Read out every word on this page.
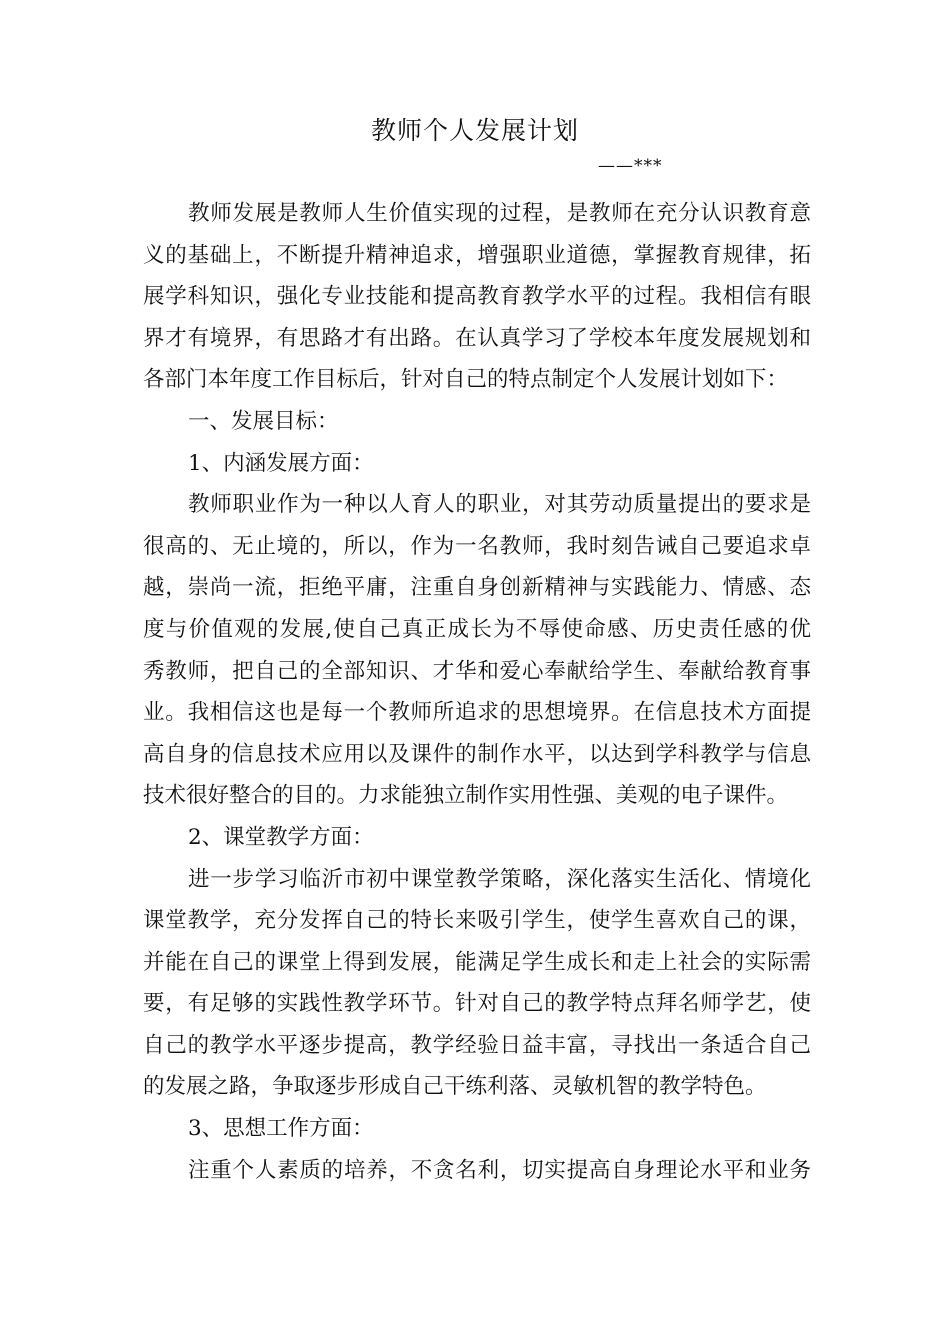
教师个人发展计划

——***

教师发展是教师人生价值实现的过程，是教师在充分认识教育意
义的基础上，不断提升精神追求，增强职业道德，掌握教育规律，拓
展学科知识，强化专业技能和提高教育教学水平的过程。我相信有眼
界才有境界，有思路才有出路。在认真学习了学校本年度发展规划和
各部门本年度工作目标后，针对自己的特点制定个人发展计划如下：
一、发展目标：
1、内涵发展方面：
教师职业作为一种以人育人的职业，对其劳动质量提出的要求是
很高的、无止境的，所以，作为一名教师，我时刻告诫自己要追求卓
越，崇尚一流，拒绝平庸，注重自身创新精神与实践能力、情感、态
度与价值观的发展,使自己真正成长为不辱使命感、历史责任感的优
秀教师，把自己的全部知识、才华和爱心奉献给学生、奉献给教育事
业。我相信这也是每一个教师所追求的思想境界。在信息技术方面提
高自身的信息技术应用以及课件的制作水平，以达到学科教学与信息
技术很好整合的目的。力求能独立制作实用性强、美观的电子课件。
2、课堂教学方面：
进一步学习临沂市初中课堂教学策略，深化落实生活化、情境化
课堂教学，充分发挥自己的特长来吸引学生，使学生喜欢自己的课，
并能在自己的课堂上得到发展，能满足学生成长和走上社会的实际需
要，有足够的实践性教学环节。针对自己的教学特点拜名师学艺，使
自己的教学水平逐步提高，教学经验日益丰富，寻找出一条适合自己
的发展之路，争取逐步形成自己干练利落、灵敏机智的教学特色。
3、思想工作方面：
注重个人素质的培养，不贪名利，切实提高自身理论水平和业务
